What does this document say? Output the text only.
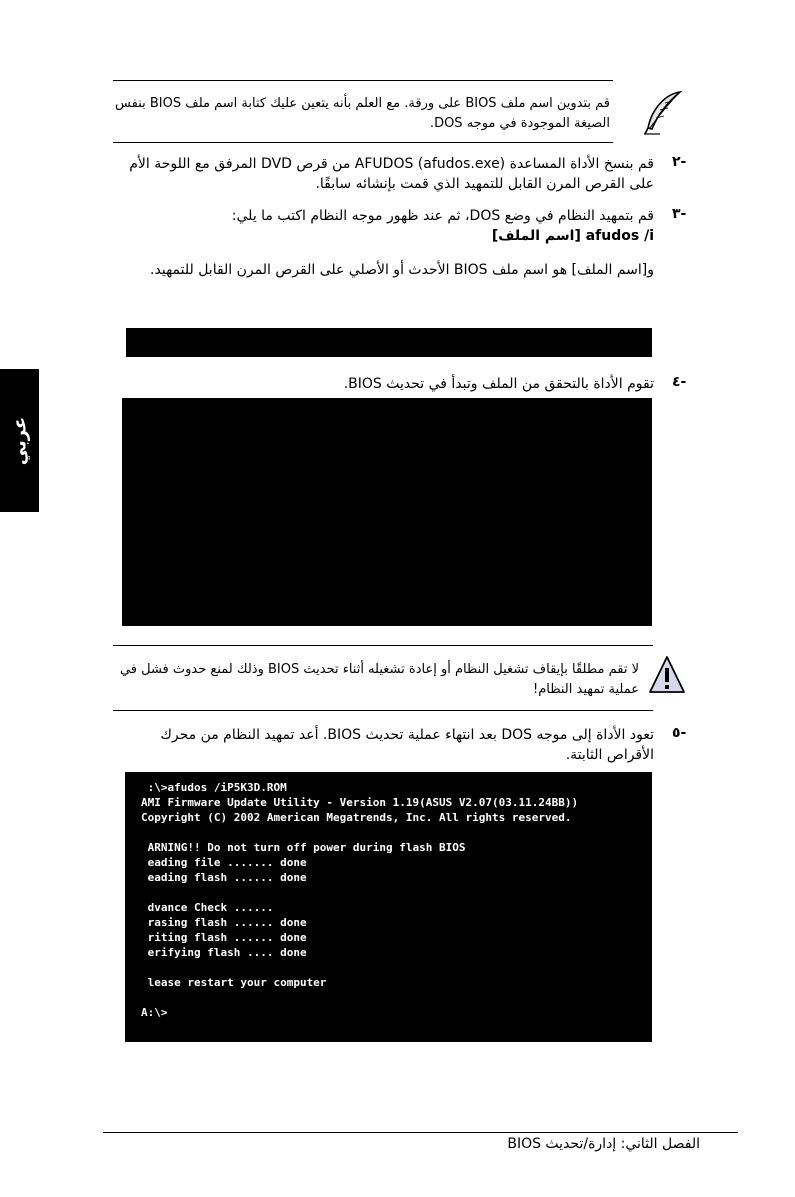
قم بتدوين اسم ملف BIOS على ورقة. مع العلم بأنه يتعين عليك كتابة اسم ملف BIOS بنفس
الصيغة الموجودة في موجه DOS.
٢-
قم بنسخ الأداة المساعدة AFUDOS (afudos.exe) من قرص DVD المرفق مع اللوحة الأم
على القرص المرن القابل للتمهيد الذي قمت بإنشائه سابقًا.
٣-
قم بتمهيد النظام في وضع DOS، ثم عند ظهور موجه النظام اكتب ما يلي:
afudos /i [اسم الملف]
و[اسم الملف] هو اسم ملف BIOS الأحدث أو الأصلي على القرص المرن القابل للتمهيد.
٤-
تقوم الأداة بالتحقق من الملف وتبدأ في تحديث BIOS.
عربي
لا تقم مطلقًا بإيقاف تشغيل النظام أو إعادة تشغيله أثناء تحديث BIOS وذلك لمنع حدوث فشل في
عملية تمهيد النظام!
٥-
تعود الأداة إلى موجه DOS بعد انتهاء عملية تحديث BIOS. أعد تمهيد النظام من محرك
الأقراص الثابتة.
:\>afudos /iP5K3D.ROM
AMI Firmware Update Utility - Version 1.19(ASUS V2.07(03.11.24BB))
Copyright (C) 2002 American Megatrends, Inc. All rights reserved.
ARNING!! Do not turn off power during flash BIOS
eading file ....... done
eading flash ...... done
dvance Check ......
rasing flash ...... done
riting flash ...... done
erifying flash .... done
lease restart your computer
A:\>
الفصل الثاني: إدارة/تحديث BIOS
